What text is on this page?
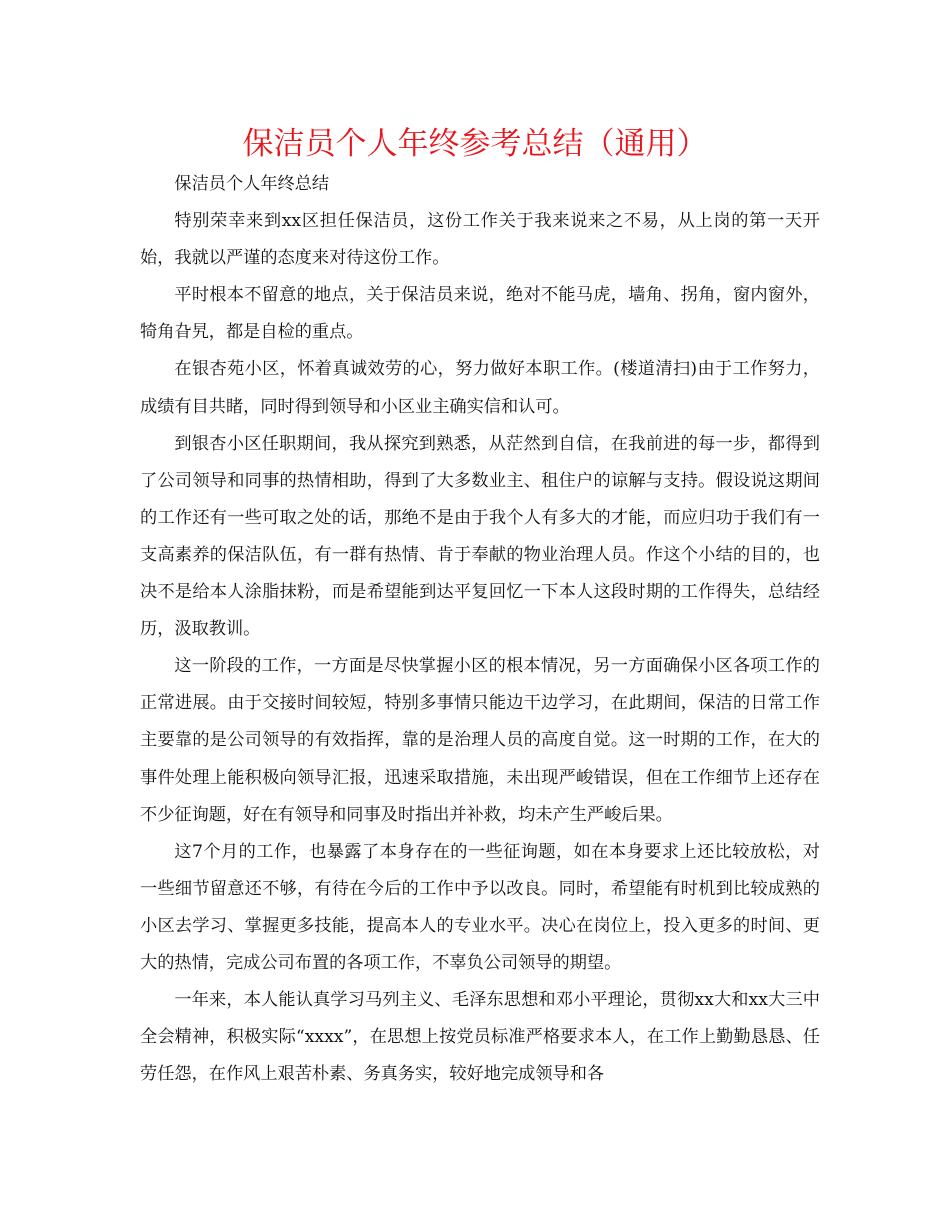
保洁员个人年终参考总结（通用）

保洁员个人年终总结

特别荣幸来到xx区担任保洁员，这份工作关于我来说来之不易，从上岗的第一天开始，我就以严谨的态度来对待这份工作。

平时根本不留意的地点，关于保洁员来说，绝对不能马虎，墙角、拐角，窗内窗外，犄角旮旯，都是自检的重点。

在银杏苑小区，怀着真诚效劳的心，努力做好本职工作。(楼道清扫)由于工作努力，成绩有目共睹，同时得到领导和小区业主确实信和认可。

到银杏小区任职期间，我从探究到熟悉，从茫然到自信，在我前进的每一步，都得到了公司领导和同事的热情相助，得到了大多数业主、租住户的谅解与支持。假设说这期间的工作还有一些可取之处的话，那绝不是由于我个人有多大的才能，而应归功于我们有一支高素养的保洁队伍，有一群有热情、肯于奉献的物业治理人员。作这个小结的目的，也决不是给本人涂脂抹粉，而是希望能到达平复回忆一下本人这段时期的工作得失，总结经历，汲取教训。

这一阶段的工作，一方面是尽快掌握小区的根本情况，另一方面确保小区各项工作的正常进展。由于交接时间较短，特别多事情只能边干边学习，在此期间，保洁的日常工作主要靠的是公司领导的有效指挥，靠的是治理人员的高度自觉。这一时期的工作，在大的事件处理上能积极向领导汇报，迅速采取措施，未出现严峻错误，但在工作细节上还存在不少征询题，好在有领导和同事及时指出并补救，均未产生严峻后果。

这7个月的工作，也暴露了本身存在的一些征询题，如在本身要求上还比较放松，对一些细节留意还不够，有待在今后的工作中予以改良。同时，希望能有时机到比较成熟的小区去学习、掌握更多技能，提高本人的专业水平。决心在岗位上，投入更多的时间、更大的热情，完成公司布置的各项工作，不辜负公司领导的期望。

一年来，本人能认真学习马列主义、毛泽东思想和邓小平理论，贯彻xx大和xx大三中全会精神，积极实际“xxxx”，在思想上按党员标准严格要求本人，在工作上勤勤恳恳、任劳任怨，在作风上艰苦朴素、务真务实，较好地完成领导和各
